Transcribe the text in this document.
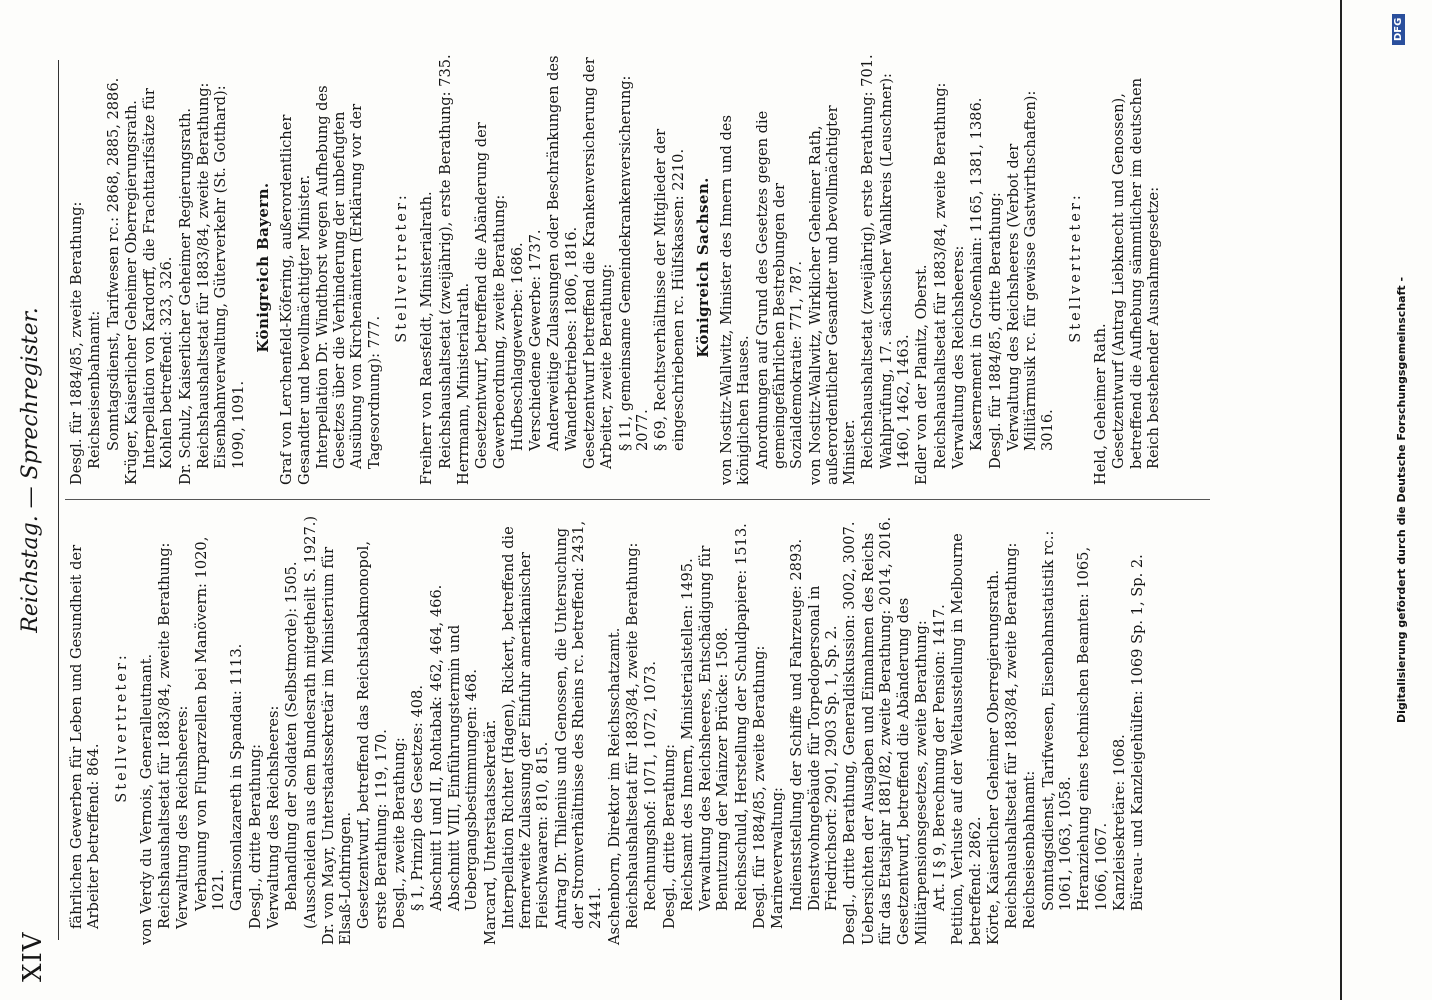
XIV
Reichstag. — Sprechregister.

fährlichen Gewerben für Leben und Gesundheit der Arbeiter betreffend: 864.

Stellvertreter: von Verdy du Vernois, Generalleutnant. Reichshaushaltsetat für 1883/84, zweite Berathung: Verwaltung des Reichsheeres: Verbauung von Flurparzellen bei Manövern: 1020, 1021. Garnisonlazareth in Spandau: 1113. Desgl., dritte Berathung: Verwaltung des Reichsheeres: Behandlung der Soldaten (Selbstmorde): 1505. (Ausscheiden aus dem Bundesrath mitgetheilt S. 1927.) Dr. von Mayr, Unterstaatssekretär im Ministerium für Elsaß-Lothringen. Gesetzentwurf, betreffend das Reichstabakmonopol, erste Berathung: 119, 170. Desgl., zweite Berathung: § 1, Prinzip des Gesetzes: 408. Abschnitt I und II, Rohtabak: 462, 464, 466. Abschnitt VIII, Einführungstermin und Uebergangsbestimmungen: 468. Marcard, Unterstaatssekretär. Interpellation Richter (Hagen), Rickert, betreffend die fernerweite Zulassung der Einfuhr amerikanischer Fleischwaaren: 810, 815. Antrag Dr. Thilenius und Genossen, die Untersuchung der Stromverhältnisse des Rheins rc. betreffend: 2431, 2441. Aschenborn, Direktor im Reichsschatzamt. Reichshaushaltsetat für 1883/84, zweite Berathung: Rechnungshof: 1071, 1072, 1073. Desgl., dritte Berathung: Reichsamt des Innern, Ministerialstellen: 1495. Verwaltung des Reichsheeres, Entschädigung für Benutzung der Mainzer Brücke: 1508. Reichsschuld, Herstellung der Schuldpapiere: 1513. Desgl. für 1884/85, zweite Berathung: Marineverwaltung: Indienststellung der Schiffe und Fahrzeuge: 2893. Dienstwohngebäude für Torpedopersonal in Friedrichsort: 2901, 2903 Sp. 1, Sp. 2. Desgl., dritte Berathung, Generaldiskussion: 3002, 3007. Uebersichten der Ausgaben und Einnahmen des Reichs für das Etatsjahr 1881/82, zweite Berathung: 2014, 2016. Gesetzentwurf, betreffend die Abänderung des Militärpensionsgesetzes, zweite Berathung: Art. I § 9, Berechnung der Pension: 1417. Petition, Verluste auf der Weltausstellung in Melbourne betreffend: 2862. Körte, Kaiserlicher Geheimer Oberregierungsrath. Reichshaushaltsetat für 1883/84, zweite Berathung: Reichseisenbahnamt: Sonntagsdienst, Tarifwesen, Eisenbahnstatistik rc.: 1061, 1063, 1058. Heranziehung eines technischen Beamten: 1065, 1066, 1067. Kanzleisekretäre: 1068. Büreau- und Kanzleigehülfen: 1069 Sp. 1, Sp. 2.

Desgl. für 1884/85, zweite Berathung: Reichseisenbahnamt: Sonntagsdienst, Tarifwesen rc.: 2868, 2885, 2886. Krüger, Kaiserlicher Geheimer Oberregierungsrath. Interpellation von Kardorff, die Frachttarifsätze für Kohlen betreffend: 323, 326. Dr. Schulz, Kaiserlicher Geheimer Regierungsrath. Reichshaushaltsetat für 1883/84, zweite Berathung: Eisenbahnverwaltung, Güterverkehr (St. Gotthard): 1090, 1091.

Königreich Bayern. Graf von Lerchenfeld-Köfering, außerordentlicher Gesandter und bevollmächtigter Minister. Interpellation Dr. Windthorst wegen Aufhebung des Gesetzes über die Verhinderung der unbefugten Ausübung von Kirchenämtern (Erklärung vor der Tagesordnung): 777.

Stellvertreter: Freiherr von Raesfeldt, Ministerialrath. Reichshaushaltsetat (zweijährig), erste Berathung: 735. Herrmann, Ministerialrath. Gesetzentwurf, betreffend die Abänderung der Gewerbeordnung, zweite Berathung: Hufbeschlaggewerbe: 1686. Verschiedene Gewerbe: 1737. Anderweitige Zulassungen oder Beschränkungen des Wanderbetriebes: 1806, 1816. Gesetzentwurf betreffend die Krankenversicherung der Arbeiter, zweite Berathung: § 11, gemeinsame Gemeindekrankenversicherung: 2077. § 69, Rechtsverhältnisse der Mitglieder der eingeschriebenen rc. Hülfskassen: 2210. Königreich Sachsen. von Nostitz-Wallwitz, Minister des Innern und des königlichen Hauses. Anordnungen auf Grund des Gesetzes gegen die gemeingefährlichen Bestrebungen der Sozialdemokratie: 771, 787. von Nostitz-Wallwitz, Wirklicher Geheimer Rath, außerordentlicher Gesandter und bevollmächtigter Minister. Reichshaushaltsetat (zweijährig), erste Berathung: 701. Wahlprüfung, 17. sächsischer Wahlkreis (Leuschner): 1460, 1462, 1463. Edler von der Planitz, Oberst. Reichshaushaltsetat für 1883/84, zweite Berathung: Verwaltung des Reichsheeres: Kasernement in Großenhain: 1165, 1381, 1386. Desgl. für 1884/85, dritte Berathung: Verwaltung des Reichsheeres (Verbot der Militärmusik rc. für gewisse Gastwirthschaften): 3016.

Stellvertreter:

Held, Geheimer Rath. Gesetzentwurf (Antrag Liebknecht und Genossen), betreffend die Aufhebung sämmtlicher im deutschen Reich bestehender Ausnahmegesetze:	Digitalisierung gefördert durch die Deutsche Forschungsgemeinschaft -
DFG
